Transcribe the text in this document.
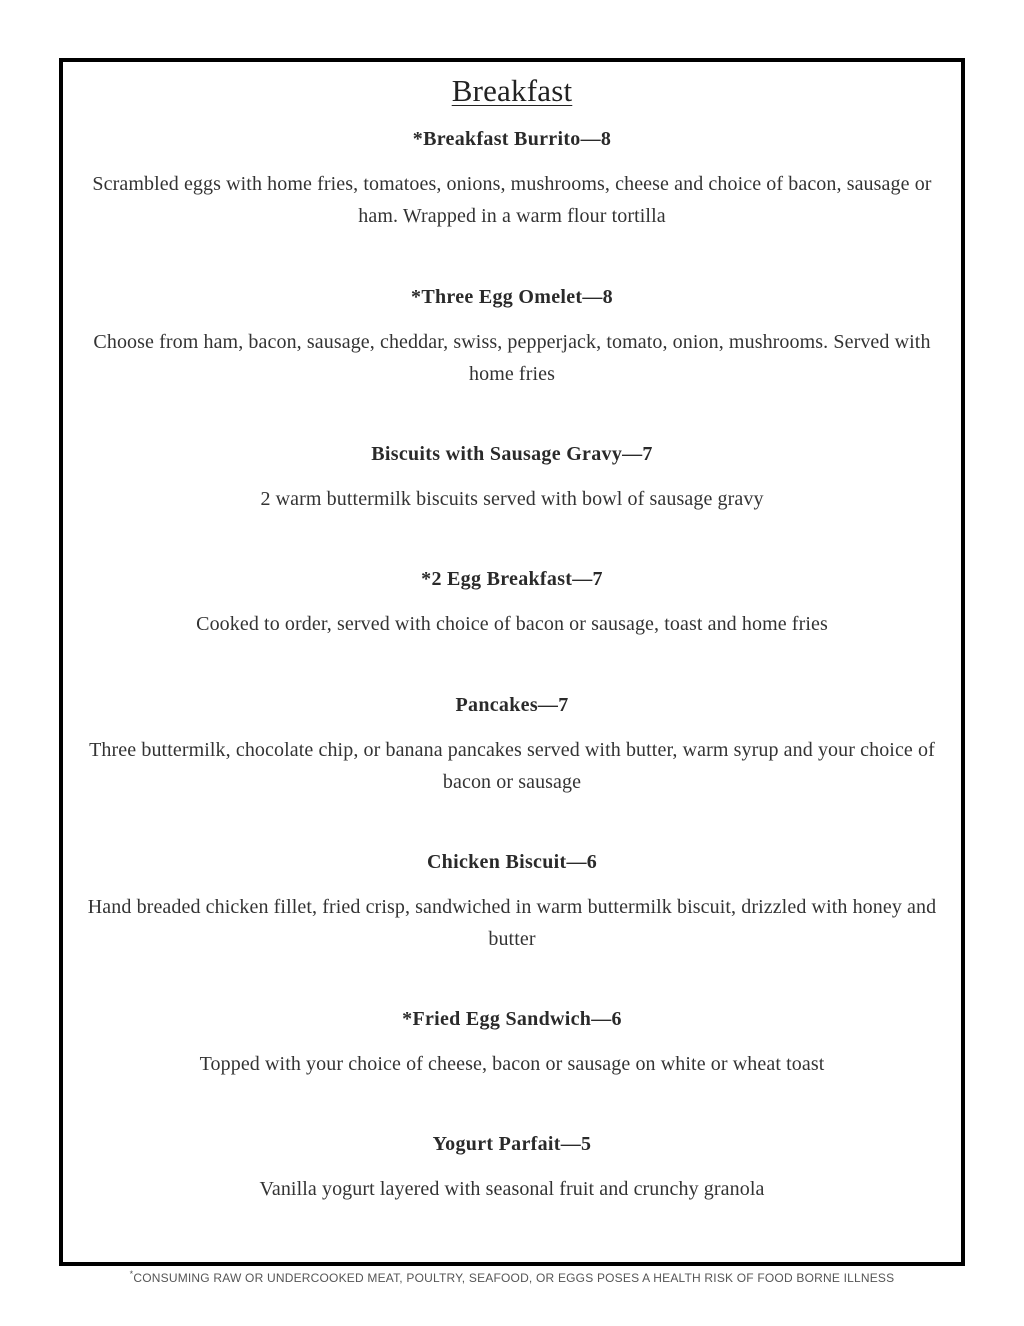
Breakfast
*Breakfast Burrito—8
Scrambled eggs with home fries, tomatoes, onions, mushrooms, cheese and choice of bacon, sausage or ham. Wrapped in a warm flour tortilla
*Three Egg Omelet—8
Choose from ham, bacon, sausage, cheddar, swiss, pepperjack, tomato, onion, mushrooms. Served with home fries
Biscuits with Sausage Gravy—7
2 warm buttermilk biscuits served with bowl of sausage gravy
*2 Egg Breakfast—7
Cooked to order, served with choice of bacon or sausage, toast and home fries
Pancakes—7
Three buttermilk, chocolate chip, or banana pancakes served with butter, warm syrup and your choice of bacon or sausage
Chicken Biscuit—6
Hand breaded chicken fillet, fried crisp, sandwiched in warm buttermilk biscuit, drizzled with honey and butter
*Fried Egg Sandwich—6
Topped with your choice of cheese, bacon or sausage on white or wheat toast
Yogurt Parfait—5
Vanilla yogurt layered with seasonal fruit and crunchy granola
*CONSUMING RAW OR UNDERCOOKED MEAT, POULTRY, SEAFOOD, OR EGGS POSES A HEALTH RISK OF FOOD BORNE ILLNESS
